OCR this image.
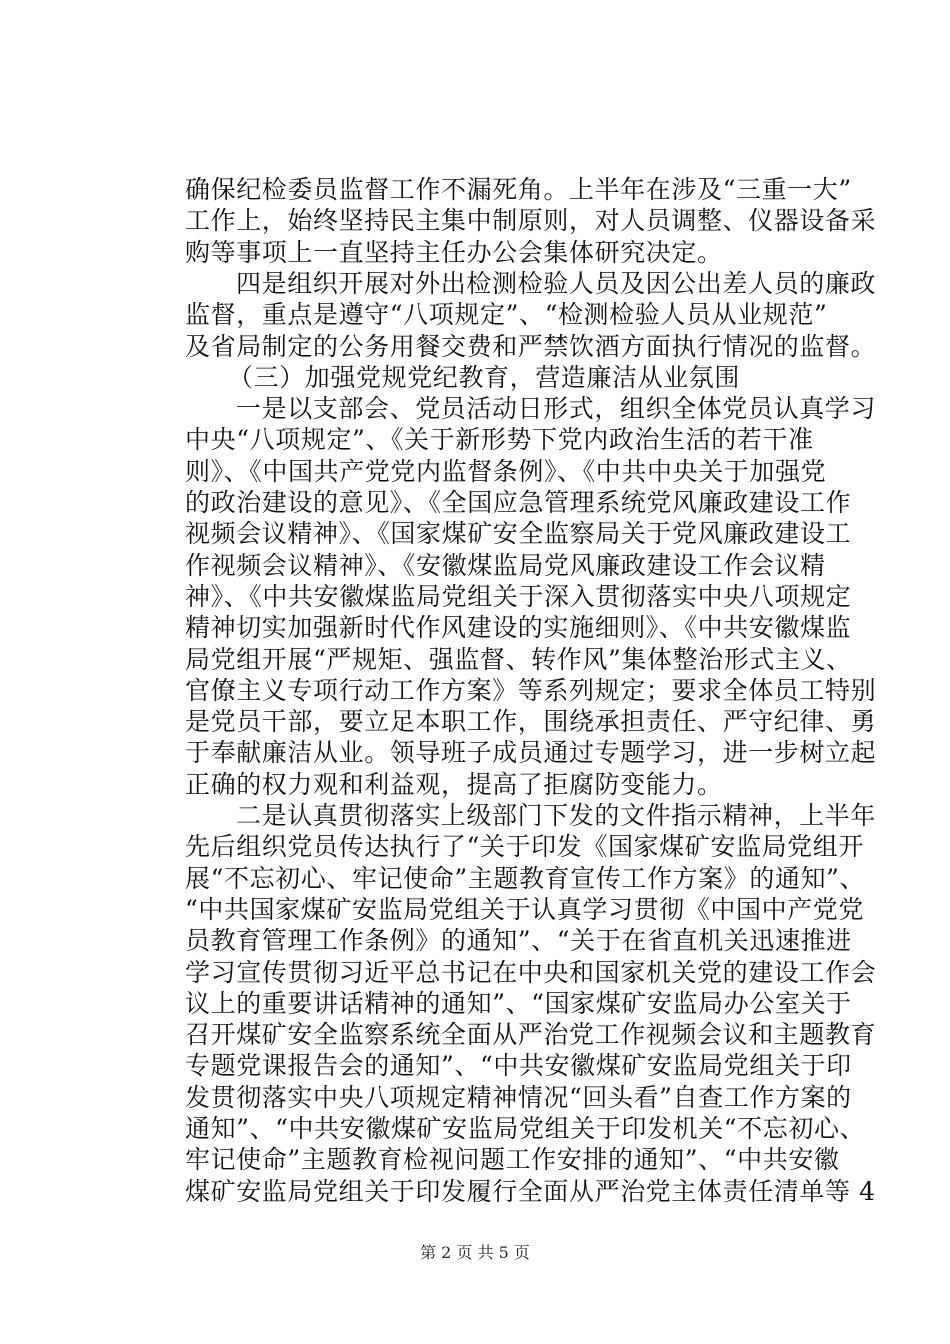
确保纪检委员监督工作不漏死角。上半年在涉及“三重一大”
工作上，始终坚持民主集中制原则，对人员调整、仪器设备采
购等事项上一直坚持主任办公会集体研究决定。
四是组织开展对外出检测检验人员及因公出差人员的廉政
监督，重点是遵守“八项规定”、“检测检验人员从业规范”
及省局制定的公务用餐交费和严禁饮酒方面执行情况的监督。
（三）加强党规党纪教育，营造廉洁从业氛围
一是以支部会、党员活动日形式，组织全体党员认真学习
中央“八项规定”、《关于新形势下党内政治生活的若干准
则》、《中国共产党党内监督条例》、《中共中央关于加强党
的政治建设的意见》、《全国应急管理系统党风廉政建设工作
视频会议精神》、《国家煤矿安全监察局关于党风廉政建设工
作视频会议精神》、《安徽煤监局党风廉政建设工作会议精
神》、《中共安徽煤监局党组关于深入贯彻落实中央八项规定
精神切实加强新时代作风建设的实施细则》、《中共安徽煤监
局党组开展“严规矩、强监督、转作风”集体整治形式主义、
官僚主义专项行动工作方案》等系列规定；要求全体员工特别
是党员干部，要立足本职工作，围绕承担责任、严守纪律、勇
于奉献廉洁从业。领导班子成员通过专题学习，进一步树立起
正确的权力观和利益观，提高了拒腐防变能力。
二是认真贯彻落实上级部门下发的文件指示精神，上半年
先后组织党员传达执行了“关于印发《国家煤矿安监局党组开
展“不忘初心、牢记使命”主题教育宣传工作方案》的通知”、
“中共国家煤矿安监局党组关于认真学习贯彻《中国中产党党
员教育管理工作条例》的通知”、“关于在省直机关迅速推进
学习宣传贯彻习近平总书记在中央和国家机关党的建设工作会
议上的重要讲话精神的通知”、“国家煤矿安监局办公室关于
召开煤矿安全监察系统全面从严治党工作视频会议和主题教育
专题党课报告会的通知”、“中共安徽煤矿安监局党组关于印
发贯彻落实中央八项规定精神情况“回头看”自查工作方案的
通知”、“中共安徽煤矿安监局党组关于印发机关“不忘初心、
第 2 页 共 5 页
牢记使命”主题教育检视问题工作安排的通知”、“中共安徽
煤矿安监局党组关于印发履行全面从严治党主体责任清单等 4
